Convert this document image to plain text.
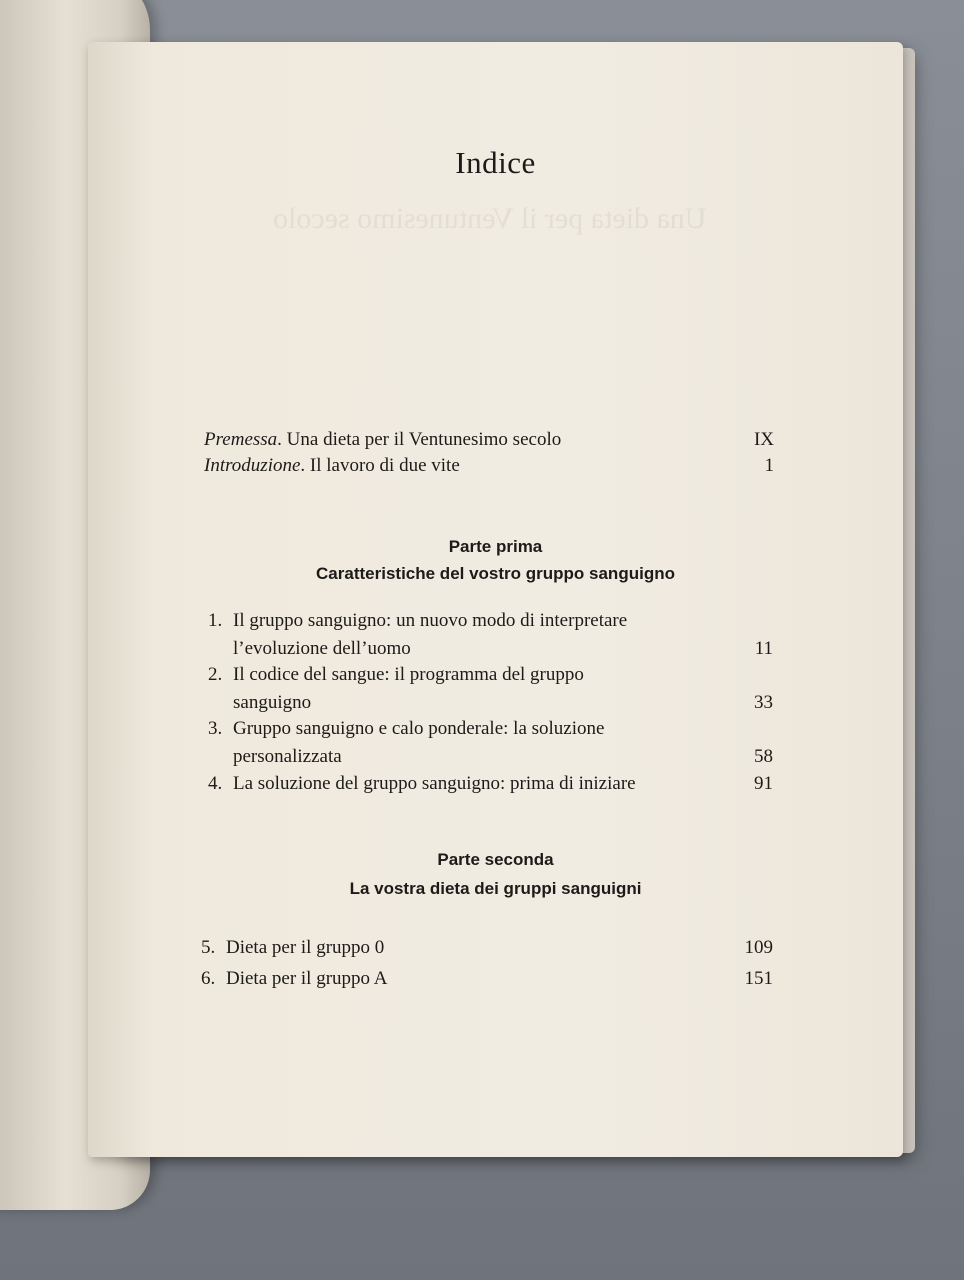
Una dieta per il Ventunesimo secolo
Indice
Premessa. Una dieta per il Ventunesimo secolo	IX
Introduzione. Il lavoro di due vite	1
Parte prima
Caratteristiche del vostro gruppo sanguigno
1. Il gruppo sanguigno: un nuovo modo di interpretare
l’evoluzione dell’uomo	11
2. Il codice del sangue: il programma del gruppo
sanguigno	33
3. Gruppo sanguigno e calo ponderale: la soluzione
personalizzata	58
4. La soluzione del gruppo sanguigno: prima di iniziare	91
Parte seconda
La vostra dieta dei gruppi sanguigni
5. Dieta per il gruppo 0	109
6. Dieta per il gruppo A	151
